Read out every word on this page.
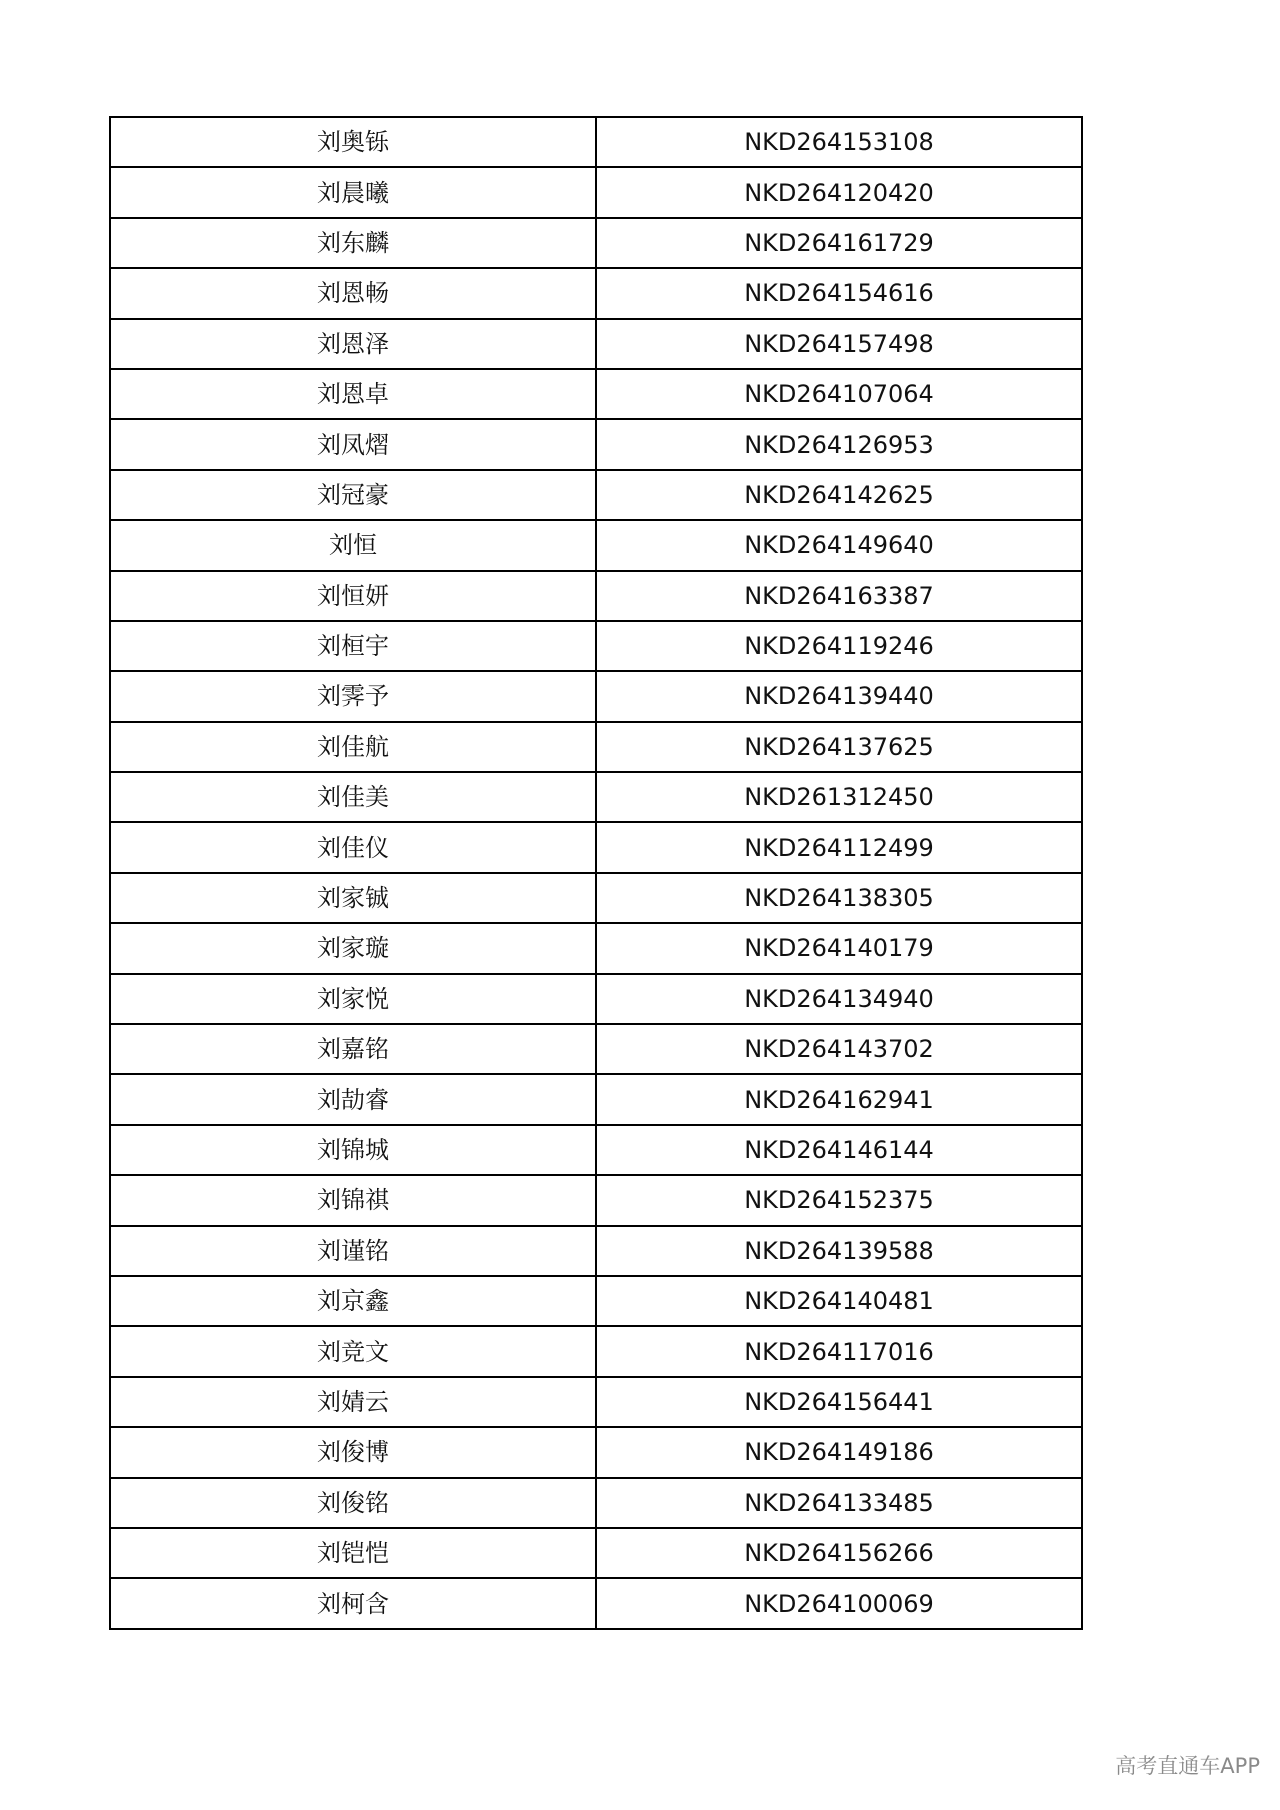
刘奥铄	NKD264153108
刘晨曦	NKD264120420
刘东麟	NKD264161729
刘恩畅	NKD264154616
刘恩泽	NKD264157498
刘恩卓	NKD264107064
刘凤熠	NKD264126953
刘冠豪	NKD264142625
刘恒	NKD264149640
刘恒妍	NKD264163387
刘桓宇	NKD264119246
刘霁予	NKD264139440
刘佳航	NKD264137625
刘佳美	NKD261312450
刘佳仪	NKD264112499
刘家铖	NKD264138305
刘家璇	NKD264140179
刘家悦	NKD264134940
刘嘉铭	NKD264143702
刘劼睿	NKD264162941
刘锦城	NKD264146144
刘锦祺	NKD264152375
刘谨铭	NKD264139588
刘京鑫	NKD264140481
刘竞文	NKD264117016
刘婧云	NKD264156441
刘俊博	NKD264149186
刘俊铭	NKD264133485
刘铠恺	NKD264156266
刘柯含	NKD264100069
高考直通车APP
